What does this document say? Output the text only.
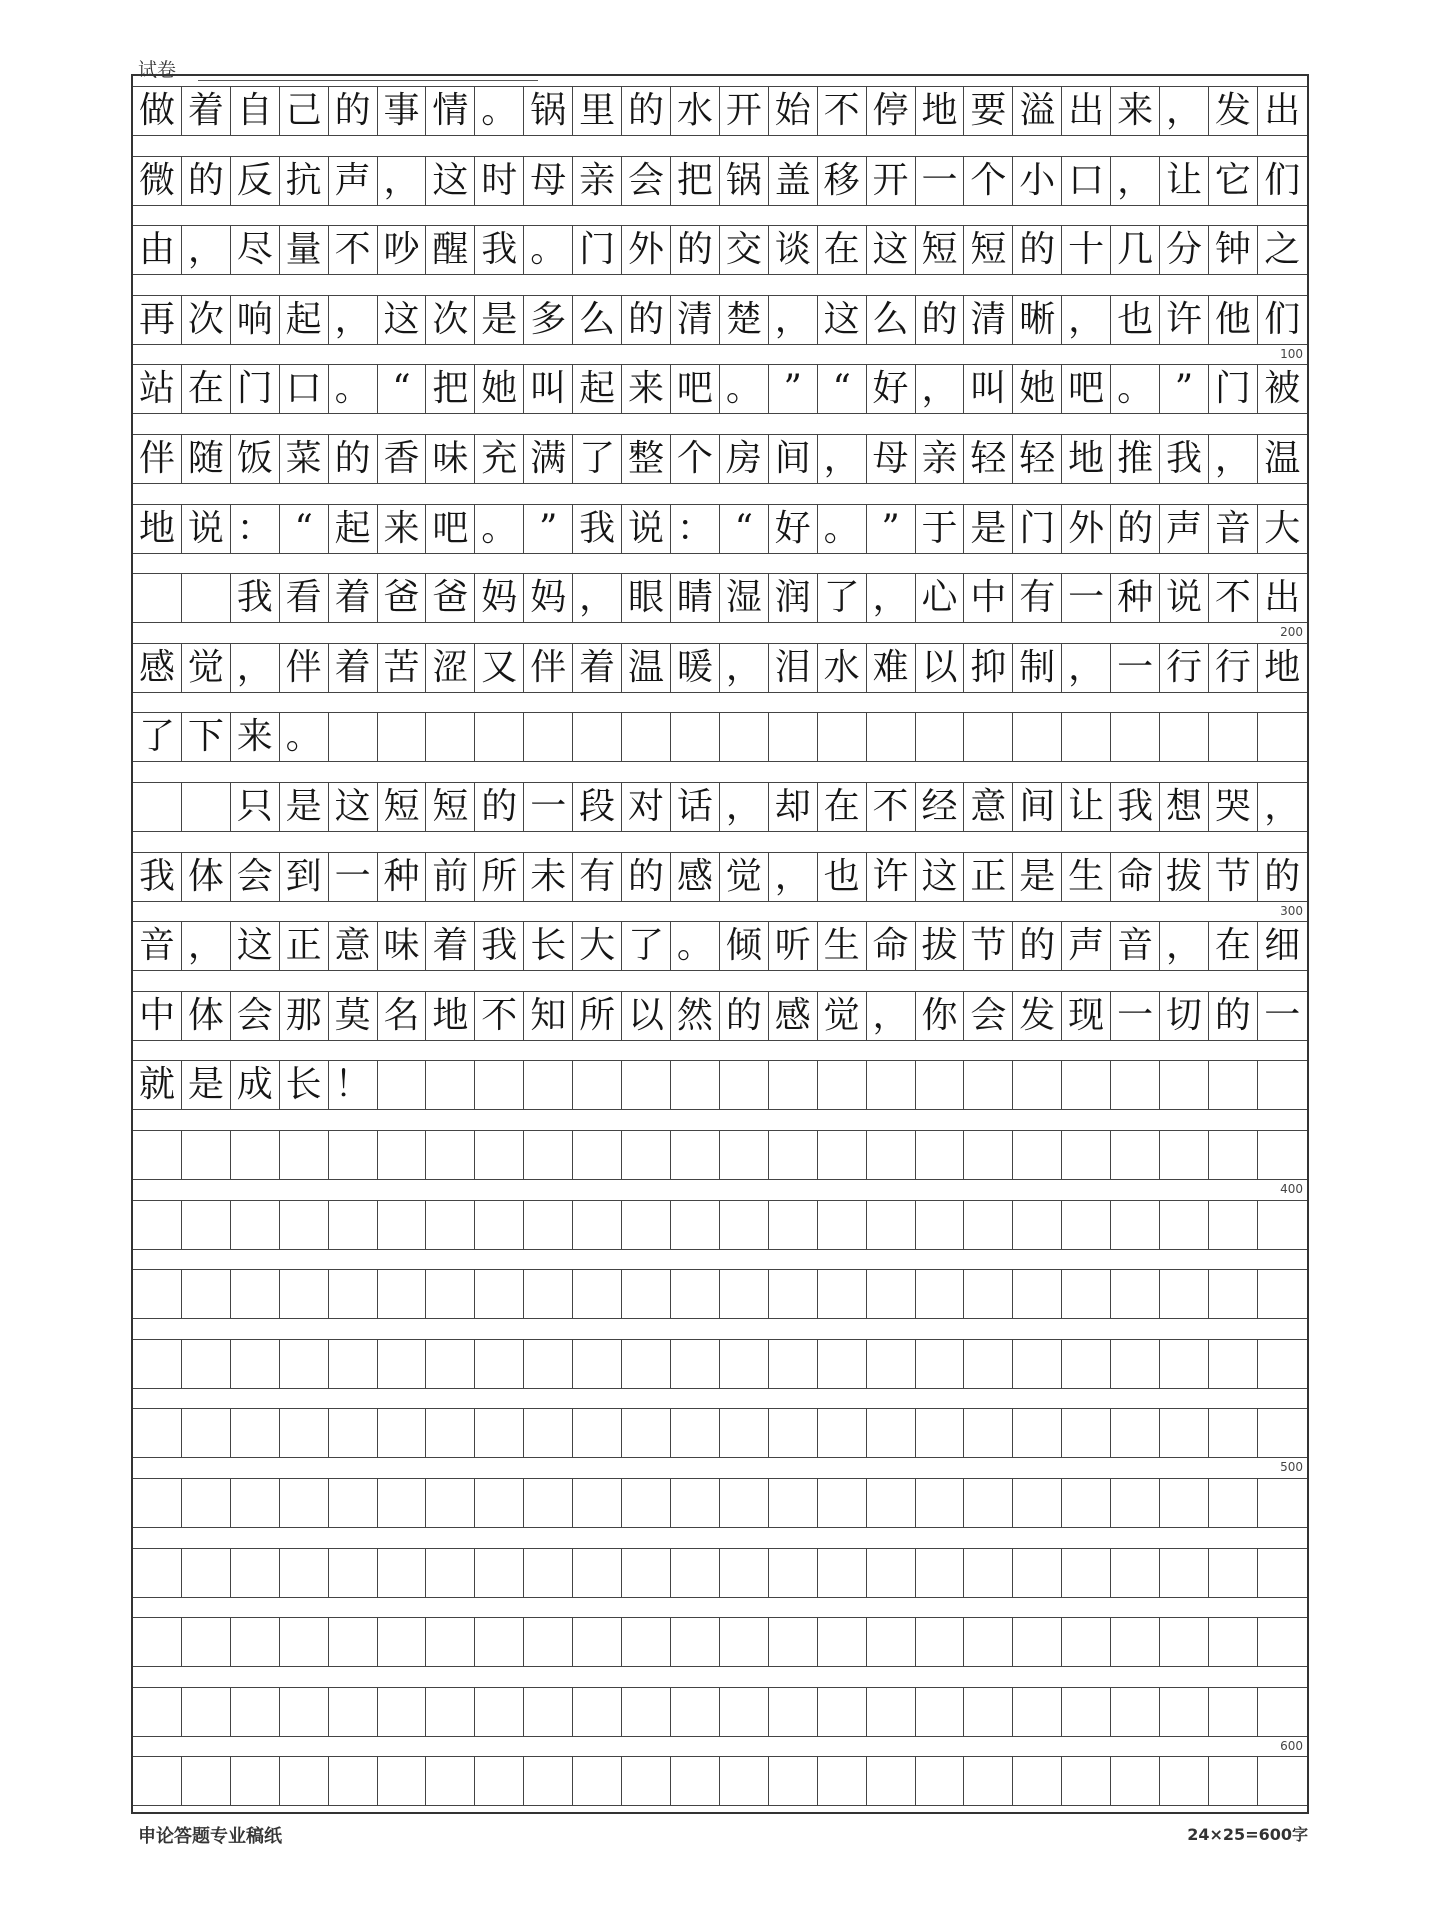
试卷
做 着 自 己 的 事 情 。 锅 里 的 水 开 始 不 停 地 要 溢 出 来 ， 发 出
微 的 反 抗 声 ， 这 时 母 亲 会 把 锅 盖 移 开 一 个 小 口 ， 让 它 们
由 ， 尽 量 不 吵 醒 我 。 门 外 的 交 谈 在 这 短 短 的 十 几 分 钟 之
再 次 响 起 ， 这 次 是 多 么 的 清 楚 ， 这 么 的 清 晰 ， 也 许 他 们
100
站 在 门 口 。 “ 把 她 叫 起 来 吧 。 ” “ 好 ， 叫 她 吧 。 ” 门 被
伴 随 饭 菜 的 香 味 充 满 了 整 个 房 间 ， 母 亲 轻 轻 地 推 我 ， 温
地 说 ： “ 起 来 吧 。 ” 我 说 ： “ 好 。 ” 于 是 门 外 的 声 音 大

我 看 着 爸 爸 妈 妈 ， 眼 睛 湿 润 了 ， 心 中 有 一 种 说 不 出
200
感 觉 ， 伴 着 苦 涩 又 伴 着 温 暖 ， 泪 水 难 以 抑 制 ， 一 行 行 地
了 下 来 。

只 是 这 短 短 的 一 段 对 话 ， 却 在 不 经 意 间 让 我 想 哭 ，
我 体 会 到 一 种 前 所 未 有 的 感 觉 ， 也 许 这 正 是 生 命 拔 节 的
300
音 ， 这 正 意 味 着 我 长 大 了 。 倾 听 生 命 拔 节 的 声 音 ， 在 细
中 体 会 那 莫 名 地 不 知 所 以 然 的 感 觉 ， 你 会 发 现 一 切 的 一
就 是 成 长 ！
400
500
600
申论答题专业稿纸	24×25=600字
